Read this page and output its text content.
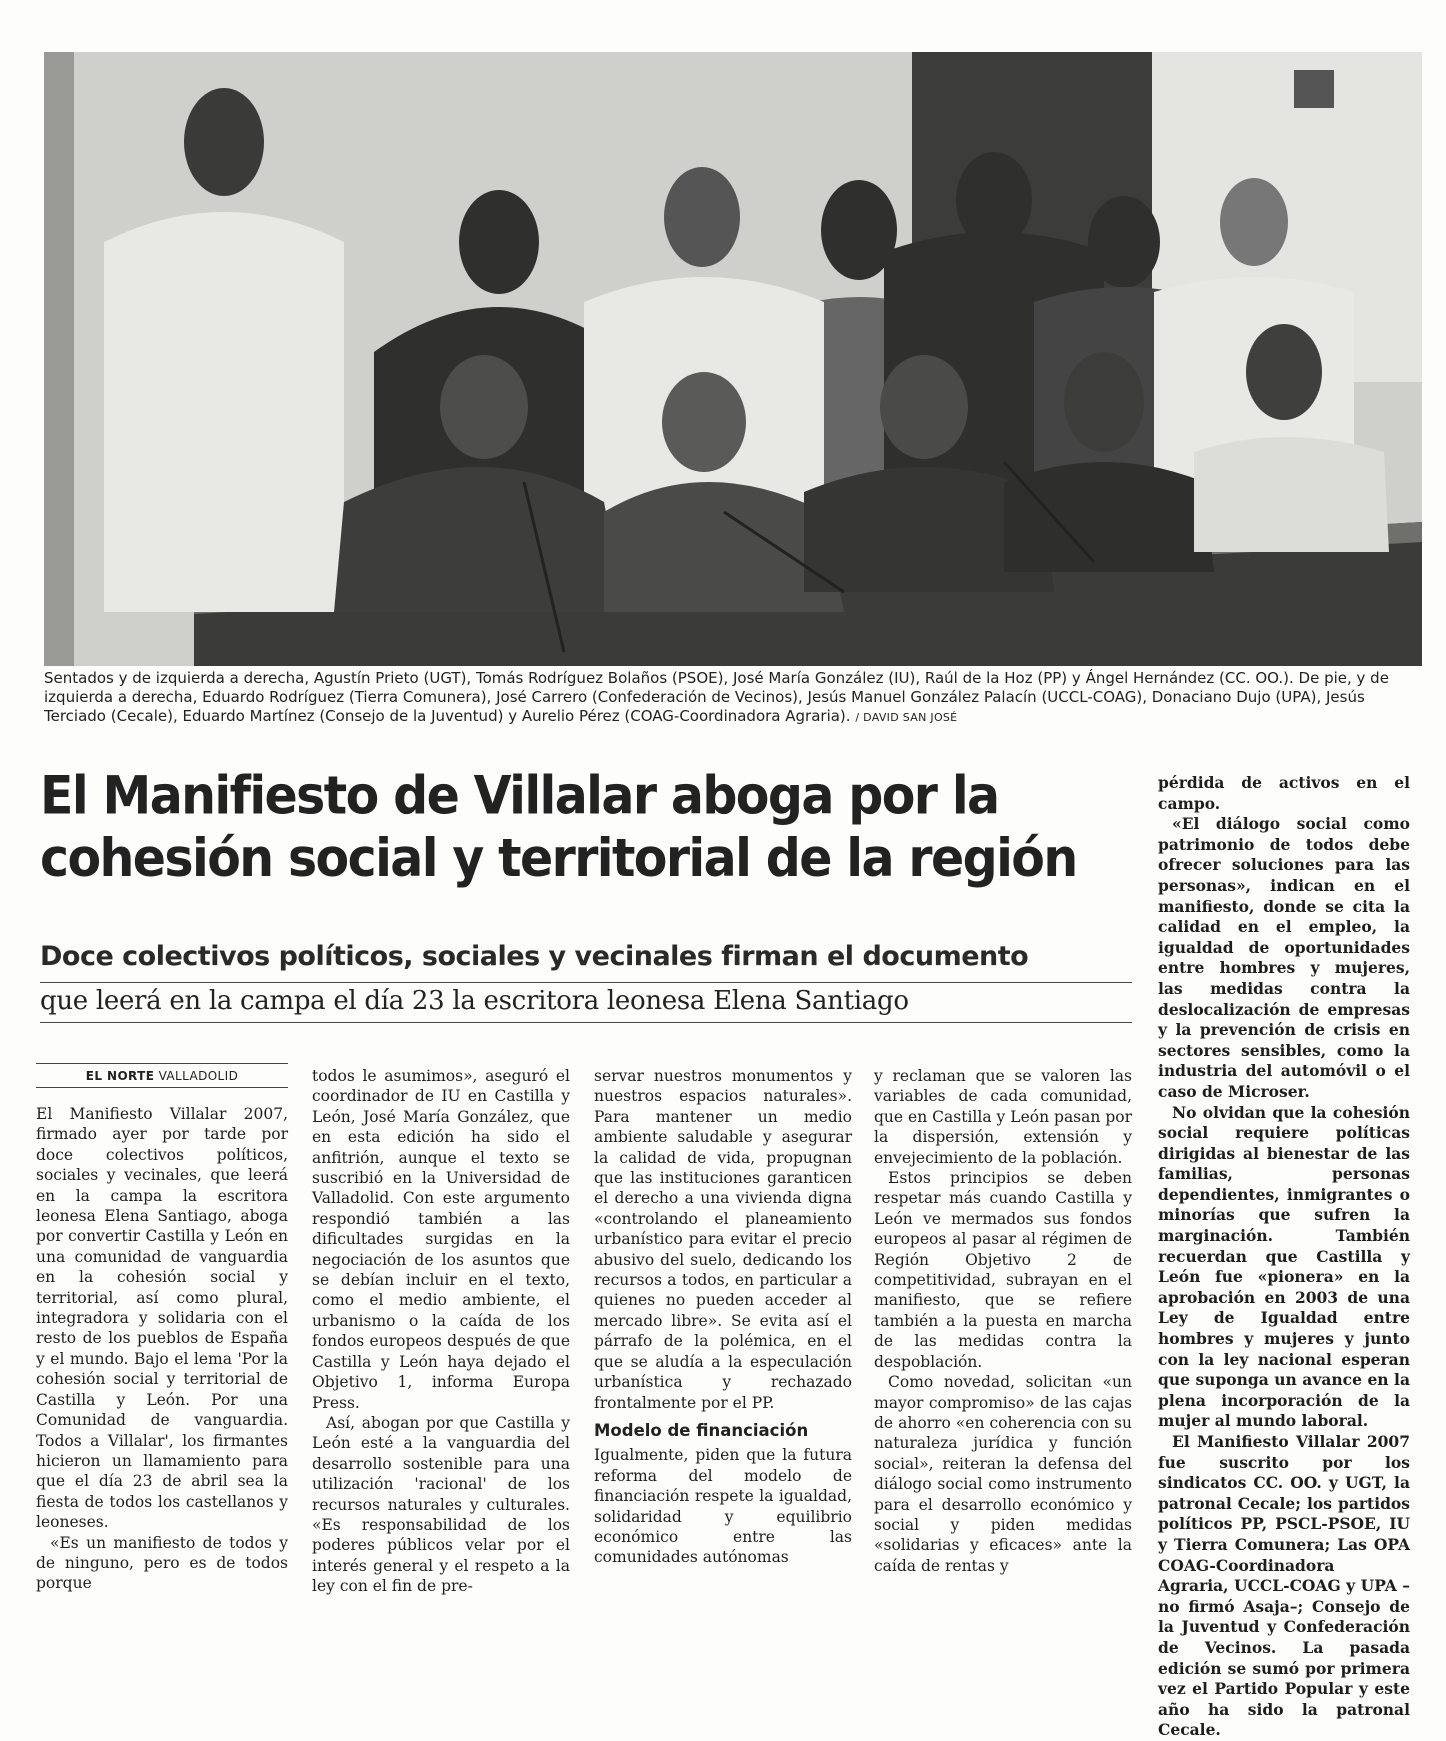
Sentados y de izquierda a derecha, Agustín Prieto (UGT), Tomás Rodríguez Bolaños (PSOE), José María González (IU), Raúl de la Hoz (PP) y Ángel Hernández (CC. OO.). De pie, y de izquierda a derecha, Eduardo Rodríguez (Tierra Comunera), José Carrero (Confederación de Vecinos), Jesús Manuel González Palacín (UCCL-COAG), Donaciano Dujo (UPA), Jesús Terciado (Cecale), Eduardo Martínez (Consejo de la Juventud) y Aurelio Pérez (COAG-Coordinadora Agraria). / DAVID SAN JOSÉ
El Manifiesto de Villalar aboga por la
cohesión social y territorial de la región
Doce colectivos políticos, sociales y vecinales firman el documento
que leerá en la campa el día 23 la escritora leonesa Elena Santiago
EL NORTE VALLADOLID

El Manifiesto Villalar 2007, firmado ayer por tarde por doce colectivos políticos, sociales y vecinales, que leerá en la campa la escritora leonesa Elena Santiago, aboga por convertir Castilla y León en una comunidad de vanguardia en la cohesión social y territorial, así como plural, integradora y solidaria con el resto de los pueblos de España y el mundo. Bajo el lema 'Por la cohesión social y territorial de Castilla y León. Por una Comunidad de vanguardia. Todos a Villalar', los firmantes hicieron un llamamiento para que el día 23 de abril sea la fiesta de todos los castellanos y leoneses.

«Es un manifiesto de todos y de ninguno, pero es de todos porque

todos le asumimos», aseguró el coordinador de IU en Castilla y León, José María González, que en esta edición ha sido el anfitrión, aunque el texto se suscribió en la Universidad de Valladolid. Con este argumento respondió también a las dificultades surgidas en la negociación de los asuntos que se debían incluir en el texto, como el medio ambiente, el urbanismo o la caída de los fondos europeos después de que Castilla y León haya dejado el Objetivo 1, informa Europa Press.

Así, abogan por que Castilla y León esté a la vanguardia del desarrollo sostenible para una utilización 'racional' de los recursos naturales y culturales. «Es responsabilidad de los poderes públicos velar por el interés general y el respeto a la ley con el fin de pre-

servar nuestros monumentos y nuestros espacios naturales». Para mantener un medio ambiente saludable y asegurar la calidad de vida, propugnan que las instituciones garanticen el derecho a una vivienda digna «controlando el planeamiento urbanístico para evitar el precio abusivo del suelo, dedicando los recursos a todos, en particular a quienes no pueden acceder al mercado libre». Se evita así el párrafo de la polémica, en el que se aludía a la especulación urbanística y rechazado frontalmente por el PP.

Modelo de financiación

Igualmente, piden que la futura reforma del modelo de financiación respete la igualdad, solidaridad y equilibrio económico entre las comunidades autónomas

y reclaman que se valoren las variables de cada comunidad, que en Castilla y León pasan por la dispersión, extensión y envejecimiento de la población.

Estos principios se deben respetar más cuando Castilla y León ve mermados sus fondos europeos al pasar al régimen de Región Objetivo 2 de competitividad, subrayan en el manifiesto, que se refiere también a la puesta en marcha de las medidas contra la despoblación.

Como novedad, solicitan «un mayor compromiso» de las cajas de ahorro «en coherencia con su naturaleza jurídica y función social», reiteran la defensa del diálogo social como instrumento para el desarrollo económico y social y piden medidas «solidarias y eficaces» ante la caída de rentas y

pérdida de activos en el campo.

«El diálogo social como patrimonio de todos debe ofrecer soluciones para las personas», indican en el manifiesto, donde se cita la calidad en el empleo, la igualdad de oportunidades entre hombres y mujeres, las medidas contra la deslocalización de empresas y la prevención de crisis en sectores sensibles, como la industria del automóvil o el caso de Microser.

No olvidan que la cohesión social requiere políticas dirigidas al bienestar de las familias, personas dependientes, inmigrantes o minorías que sufren la marginación. También recuerdan que Castilla y León fue «pionera» en la aprobación en 2003 de una Ley de Igualdad entre hombres y mujeres y junto con la ley nacional esperan que suponga un avance en la plena incorporación de la mujer al mundo laboral.

El Manifiesto Villalar 2007 fue suscrito por los sindicatos CC. OO. y UGT, la patronal Cecale; los partidos políticos PP, PSCL-PSOE, IU y Tierra Comunera; Las OPA COAG-Coordinadora Agraria, UCCL-COAG y UPA –no firmó Asaja–; Consejo de la Juventud y Confederación de Vecinos. La pasada edición se sumó por primera vez el Partido Popular y este año ha sido la patronal Cecale.
